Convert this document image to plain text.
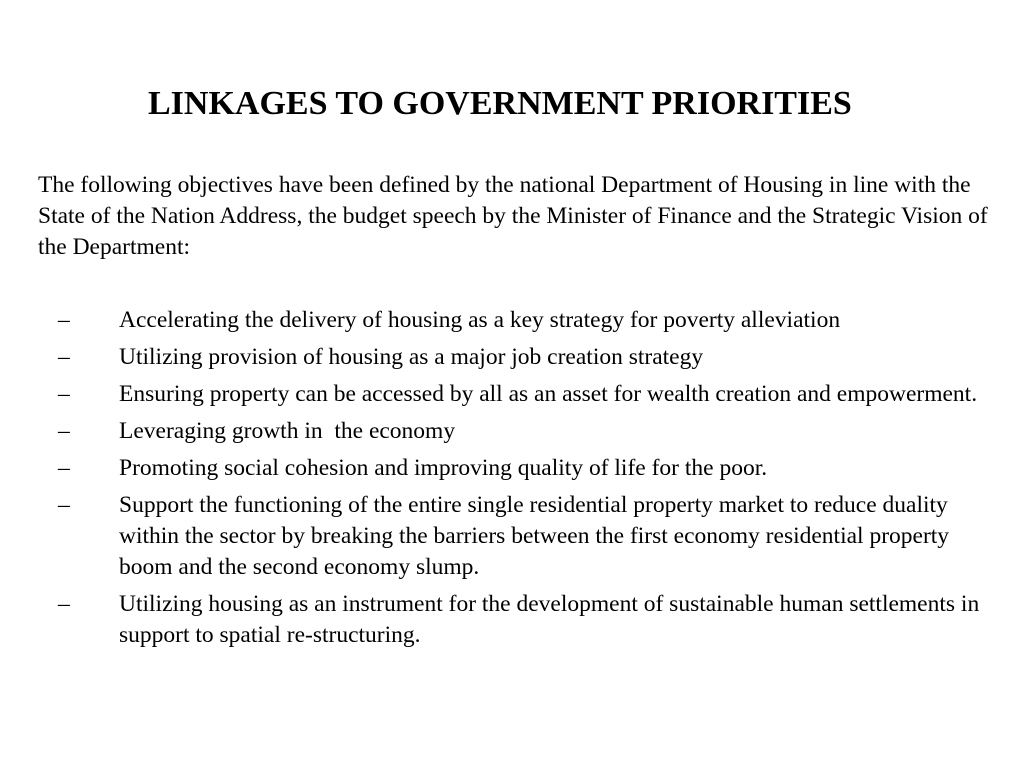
LINKAGES TO GOVERNMENT PRIORITIES

The following objectives have been defined by the national Department of Housing in line with the State of the Nation Address, the budget speech by the Minister of Finance and the Strategic Vision of the Department:

– Accelerating the delivery of housing as a key strategy for poverty alleviation
– Utilizing provision of housing as a major job creation strategy
– Ensuring property can be accessed by all as an asset for wealth creation and empowerment.
– Leveraging growth in  the economy
– Promoting social cohesion and improving quality of life for the poor.
– Support the functioning of the entire single residential property market to reduce duality within the sector by breaking the barriers between the first economy residential property boom and the second economy slump.
– Utilizing housing as an instrument for the development of sustainable human settlements in support to spatial re-structuring.
